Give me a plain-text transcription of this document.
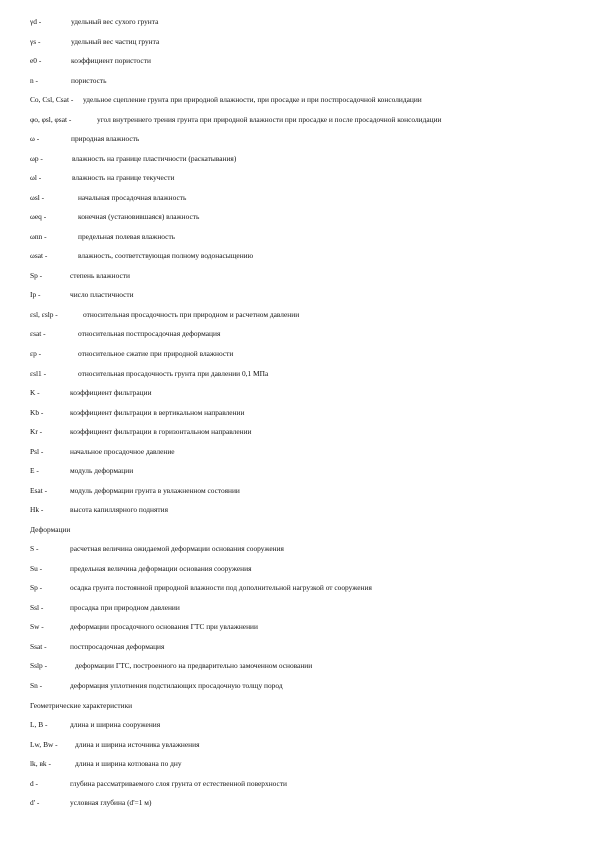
γd -	удельный вес сухого грунта
γs -	удельный вес частиц грунта
e0 -	коэффициент пористости
n -	пористость
Co, Csl, Csat - удельное сцепление грунта при природной влажности, при просадке и при постпросадочной консолидации
φo, φsl, φsat -	угол внутреннего трения грунта при природной влажности при просадке и после просадочной консолидации
ω -	природная влажность
ωp -	влажность на границе пластичности (раскатывания)
ωl -	влажность на границе текучести
ωsl -	начальная просадочная влажность
ωeq -	конечная (установившаяся) влажность
ωnn -	предельная полевая влажность
ωsat -	влажность, соответствующая полному водонасыщению
Sp -	степень влажности
Ip -	число пластичности
εsl, εslp -	относительная просадочность при природном и расчетном давлении
εsat -	относительная постпросадочная деформация
εp -	относительное сжатие при природной влажности
εsl1 -	относительная просадочность грунта при давлении 0,1 МПа
K -	коэффициент фильтрации
Kb -	коэффициент фильтрации в вертикальном направлении
Kr -	коэффициент фильтрации в горизонтальном направлении
Psl -	начальное просадочное давление
E -	модуль деформации
Esat -	модуль деформации грунта в увлажненном состоянии
Hk -	высота капиллярного поднятия
Деформации
S -	расчетная величина ожидаемой деформации основания сооружения
Su -	предельная величина деформации основания сооружения
Sp -	осадка грунта постоянной природной влажности под дополнительной нагрузкой от сооружения
Ssl -	просадка при природном давлении
Sw -	деформации просадочного основания ГТС при увлажнении
Ssat -	постпросадочная деформация
Sslp -	деформации ГТС, построенного на предварительно замоченном основании
Sn -	деформация уплотнения подстилающих просадочную толщу пород
Геометрические характеристики
L, B -	длина и ширина сооружения
Lw, Bw - длина и ширина источника увлажнения
lk, вk -	длина и ширина котлована по дну
d -	глубина рассматриваемого слоя грунта от естественной поверхности
d' -	условная глубина (d'=1 м)
